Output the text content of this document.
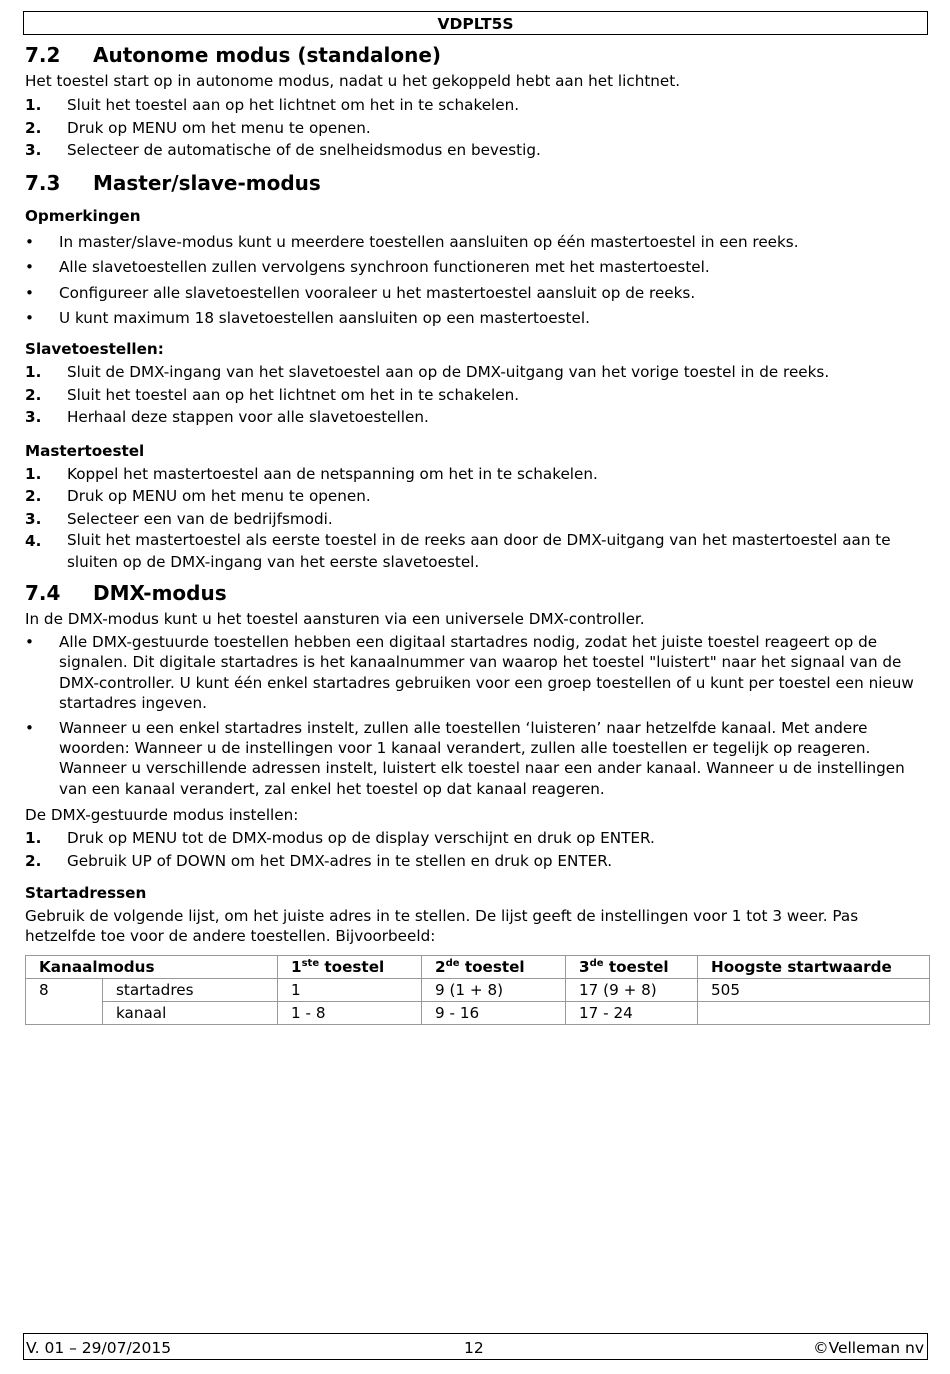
VDPLT5S
7.2	Autonome modus (standalone)

Het toestel start op in autonome modus, nadat u het gekoppeld hebt aan het lichtnet.

1.	Sluit het toestel aan op het lichtnet om het in te schakelen.
2.	Druk op MENU om het menu te openen.
3.	Selecteer de automatische of de snelheidsmodus en bevestig.
7.3	Master/slave-modus
Opmerkingen
•	In master/slave-modus kunt u meerdere toestellen aansluiten op één mastertoestel in een reeks.
•	Alle slavetoestellen zullen vervolgens synchroon functioneren met het mastertoestel.
•	Configureer alle slavetoestellen vooraleer u het mastertoestel aansluit op de reeks.
•	U kunt maximum 18 slavetoestellen aansluiten op een mastertoestel.
Slavetoestellen:
1.	Sluit de DMX-ingang van het slavetoestel aan op de DMX-uitgang van het vorige toestel in de reeks.
2.	Sluit het toestel aan op het lichtnet om het in te schakelen.
3.	Herhaal deze stappen voor alle slavetoestellen.
Mastertoestel
1.	Koppel het mastertoestel aan de netspanning om het in te schakelen.
2.	Druk op MENU om het menu te openen.
3.	Selecteer een van de bedrijfsmodi.
4.	Sluit het mastertoestel als eerste toestel in de reeks aan door de DMX-uitgang van het mastertoestel aan te sluiten op de DMX-ingang van het eerste slavetoestel.
7.4	DMX-modus

In de DMX-modus kunt u het toestel aansturen via een universele DMX-controller.

•	Alle DMX-gestuurde toestellen hebben een digitaal startadres nodig, zodat het juiste toestel reageert op de signalen. Dit digitale startadres is het kanaalnummer van waarop het toestel "luistert" naar het signaal van de DMX-controller. U kunt één enkel startadres gebruiken voor een groep toestellen of u kunt per toestel een nieuw startadres ingeven.
•	Wanneer u een enkel startadres instelt, zullen alle toestellen ‘luisteren’ naar hetzelfde kanaal. Met andere woorden: Wanneer u de instellingen voor 1 kanaal verandert, zullen alle toestellen er tegelijk op reageren. Wanneer u verschillende adressen instelt, luistert elk toestel naar een ander kanaal. Wanneer u de instellingen van een kanaal verandert, zal enkel het toestel op dat kanaal reageren.

De DMX-gestuurde modus instellen:

1.	Druk op MENU tot de DMX-modus op de display verschijnt en druk op ENTER.
2.	Gebruik UP of DOWN om het DMX-adres in te stellen en druk op ENTER.
Startadressen

Gebruik de volgende lijst, om het juiste adres in te stellen. De lijst geeft de instellingen voor 1 tot 3 weer. Pas hetzelfde toe voor de andere toestellen. Bijvoorbeeld:

Kanaalmodus		1ste toestel	2de toestel	3de toestel	Hoogste startwaarde
8	startadres	1	9 (1 + 8)	17 (9 + 8)	505
	kanaal	1 - 8	9 - 16	17 - 24	
V. 01 – 29/07/2015	12	©Velleman nv
